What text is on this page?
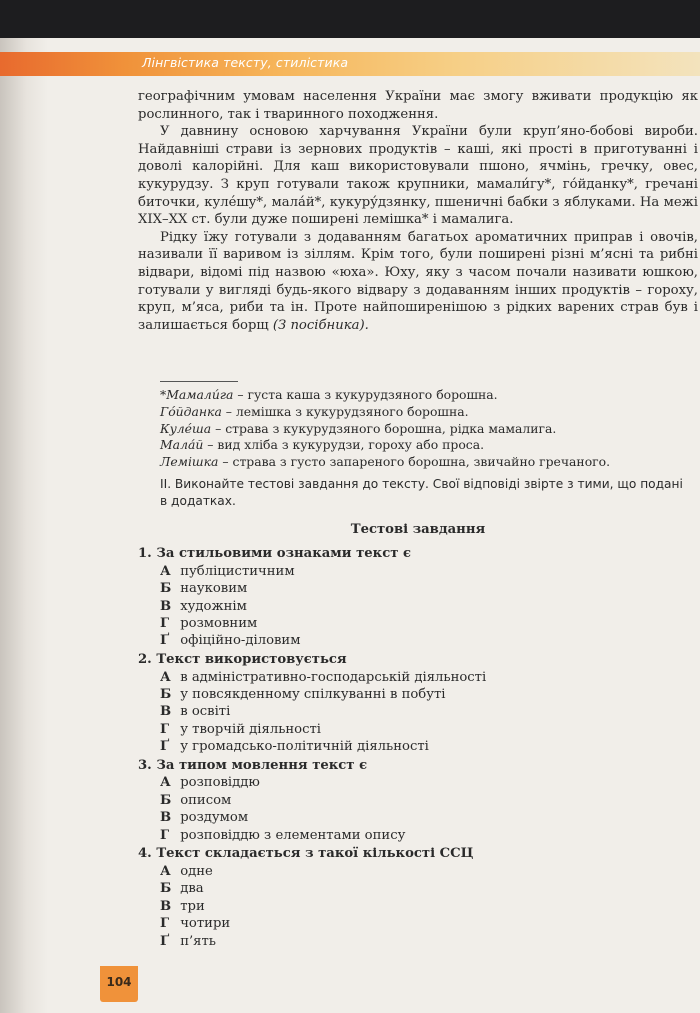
Лінгвістика тексту, стилістика

географічним умовам населення України має змогу вживати продукцію як рослинного, так і тваринного походження.

У давнину основою харчування України були круп’яно-бобові вироби. Найдавніші страви із зернових продуктів – каші, які прості в приготуванні і доволі калорійні. Для каш використовували пшоно, ячмінь, гречку, овес, кукурудзу. З круп готували також крупники, мамали́гу*, го́йданку*, гречані биточки, кулéшу*, мала́й*, кукуру́дзянку, пшеничні бабки з яблуками. На межі XIX–XX ст. були дуже поширені лемішка* і мамалига.

Рідку їжу готували з додаванням багатьох ароматичних приправ і овочів, називали її варивом із зіллям. Крім того, були поширені різні м’ясні та рибні відвари, відомі під назвою «юха». Юху, яку з часом почали називати юшкою, готували у вигляді будь-якого відвару з додаванням інших продуктів – гороху, круп, м’яса, риби та ін. Проте найпоширенішою з рідких варених страв був і залишається борщ (З посібника).

*Мамали́га – густа каша з кукурудзяного борошна.
Гóйданка – лемішка з кукурудзяного борошна.
Кулéша – страва з кукурудзяного борошна, рідка мамалига.
Мала́й – вид хліба з кукурудзи, гороху або проса.
Лемішка – страва з густо запареного борошна, звичайно гречаного.
ІІ. Виконайте тестові завдання до тексту. Свої відповіді звірте з тими, що подані в додатках.
Тестові завдання
1. За стильовими ознаками текст є
А публіцистичним
Б науковим
В художнім
Г розмовним
Ґ офіційно-діловим
2. Текст використовується
А в адміністративно-господарській діяльності
Б у повсякденному спілкуванні в побуті
В в освіті
Г у творчій діяльності
Ґ у громадсько-політичній діяльності
3. За типом мовлення текст є
А розповіддю
Б описом
В роздумом
Г розповіддю з елементами опису
4. Текст складається з такої кількості ССЦ
А одне
Б два
В три
Г чотири
Ґ п’ять
104
